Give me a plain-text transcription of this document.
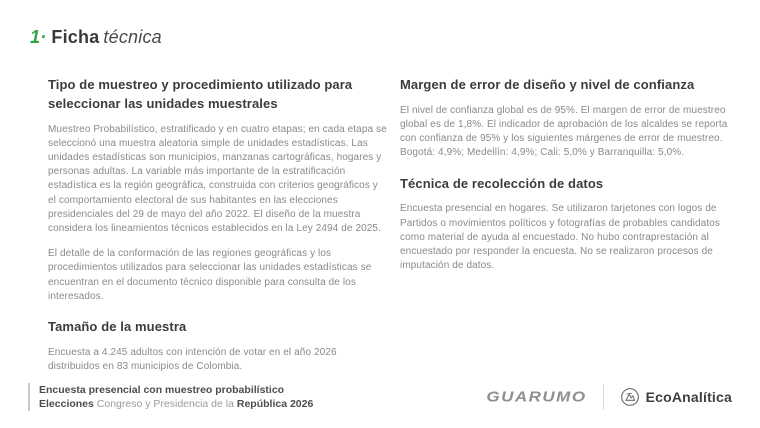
1· Ficha técnica
Tipo de muestreo y procedimiento utilizado para seleccionar las unidades muestrales

Muestreo Probabilístico, estratificado y en cuatro etapas; en cada etapa se seleccionó una muestra aleatoria simple de unidades estadísticas. Las unidades estadísticas son municipios, manzanas cartográficas, hogares y personas adultas. La variable más importante de la estratificación estadística es la región geográfica, construida con criterios geográficos y el comportamiento electoral de sus habitantes en las elecciones presidenciales del 29 de mayo del año 2022. El diseño de la muestra considera los lineamientos técnicos establecidos en la Ley 2494 de 2025.

El detalle de la conformación de las regiones geográficas y los procedimientos utilizados para seleccionar las unidades estadísticas se encuentran en el documento técnico disponible para consulta de los interesados.

Tamaño de la muestra

Encuesta a 4.245 adultos con intención de votar en el año 2026 distribuidos en 83 municipios de Colombia.

Margen de error de diseño y nivel de confianza

El nivel de confianza global es de 95%. El margen de error de muestreo global es de 1,8%. El indicador de aprobación de los alcaldes se reporta con confianza de 95% y los siguientes márgenes de error de muestreo. Bogotá: 4,9%; Medellín: 4,9%; Cali: 5,0% y Barranquilla: 5,0%.

Técnica de recolección de datos

Encuesta presencial en hogares. Se utilizaron tarjetones con logos de Partidos o movimientos políticos y fotografías de probables candidatos como material de ayuda al encuestado. No hubo contraprestación al encuestado por responder la encuesta. No se realizaron procesos de imputación de datos.

Encuesta presencial con muestreo probabilístico
Elecciones Congreso y Presidencia de la República 2026	GUARUMO	EcoAnalítica
